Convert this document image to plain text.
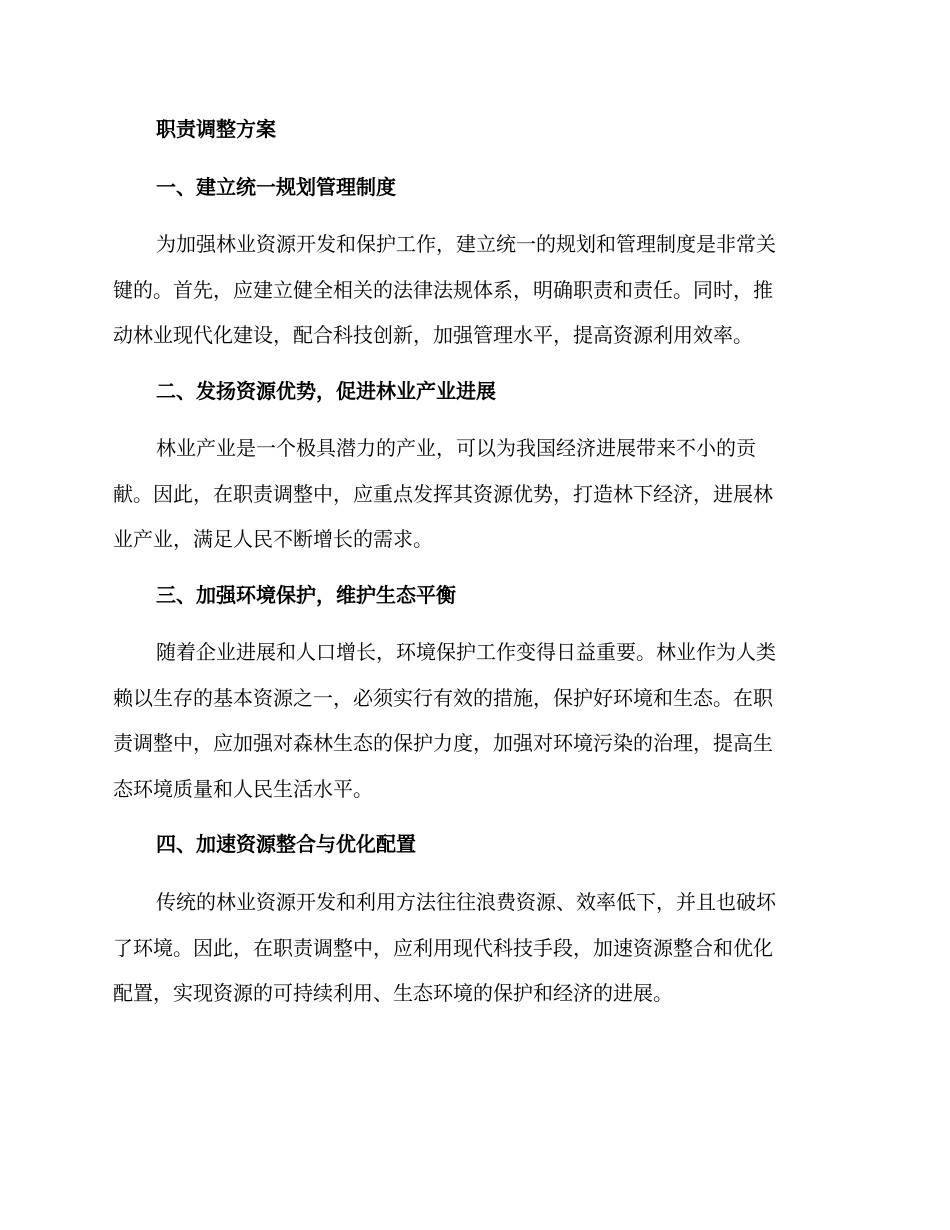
职责调整方案
一、建立统一规划管理制度
为加强林业资源开发和保护工作，建立统一的规划和管理制度是非常关
键的。首先，应建立健全相关的法律法规体系，明确职责和责任。同时，推
动林业现代化建设，配合科技创新，加强管理水平，提高资源利用效率。
二、发扬资源优势，促进林业产业进展
林业产业是一个极具潜力的产业，可以为我国经济进展带来不小的贡
献。因此，在职责调整中，应重点发挥其资源优势，打造林下经济，进展林
业产业，满足人民不断增长的需求。
三、加强环境保护，维护生态平衡
随着企业进展和人口增长，环境保护工作变得日益重要。林业作为人类
赖以生存的基本资源之一，必须实行有效的措施，保护好环境和生态。在职
责调整中，应加强对森林生态的保护力度，加强对环境污染的治理，提高生
态环境质量和人民生活水平。
四、加速资源整合与优化配置
传统的林业资源开发和利用方法往往浪费资源、效率低下，并且也破坏
了环境。因此，在职责调整中，应利用现代科技手段，加速资源整合和优化
配置，实现资源的可持续利用、生态环境的保护和经济的进展。
